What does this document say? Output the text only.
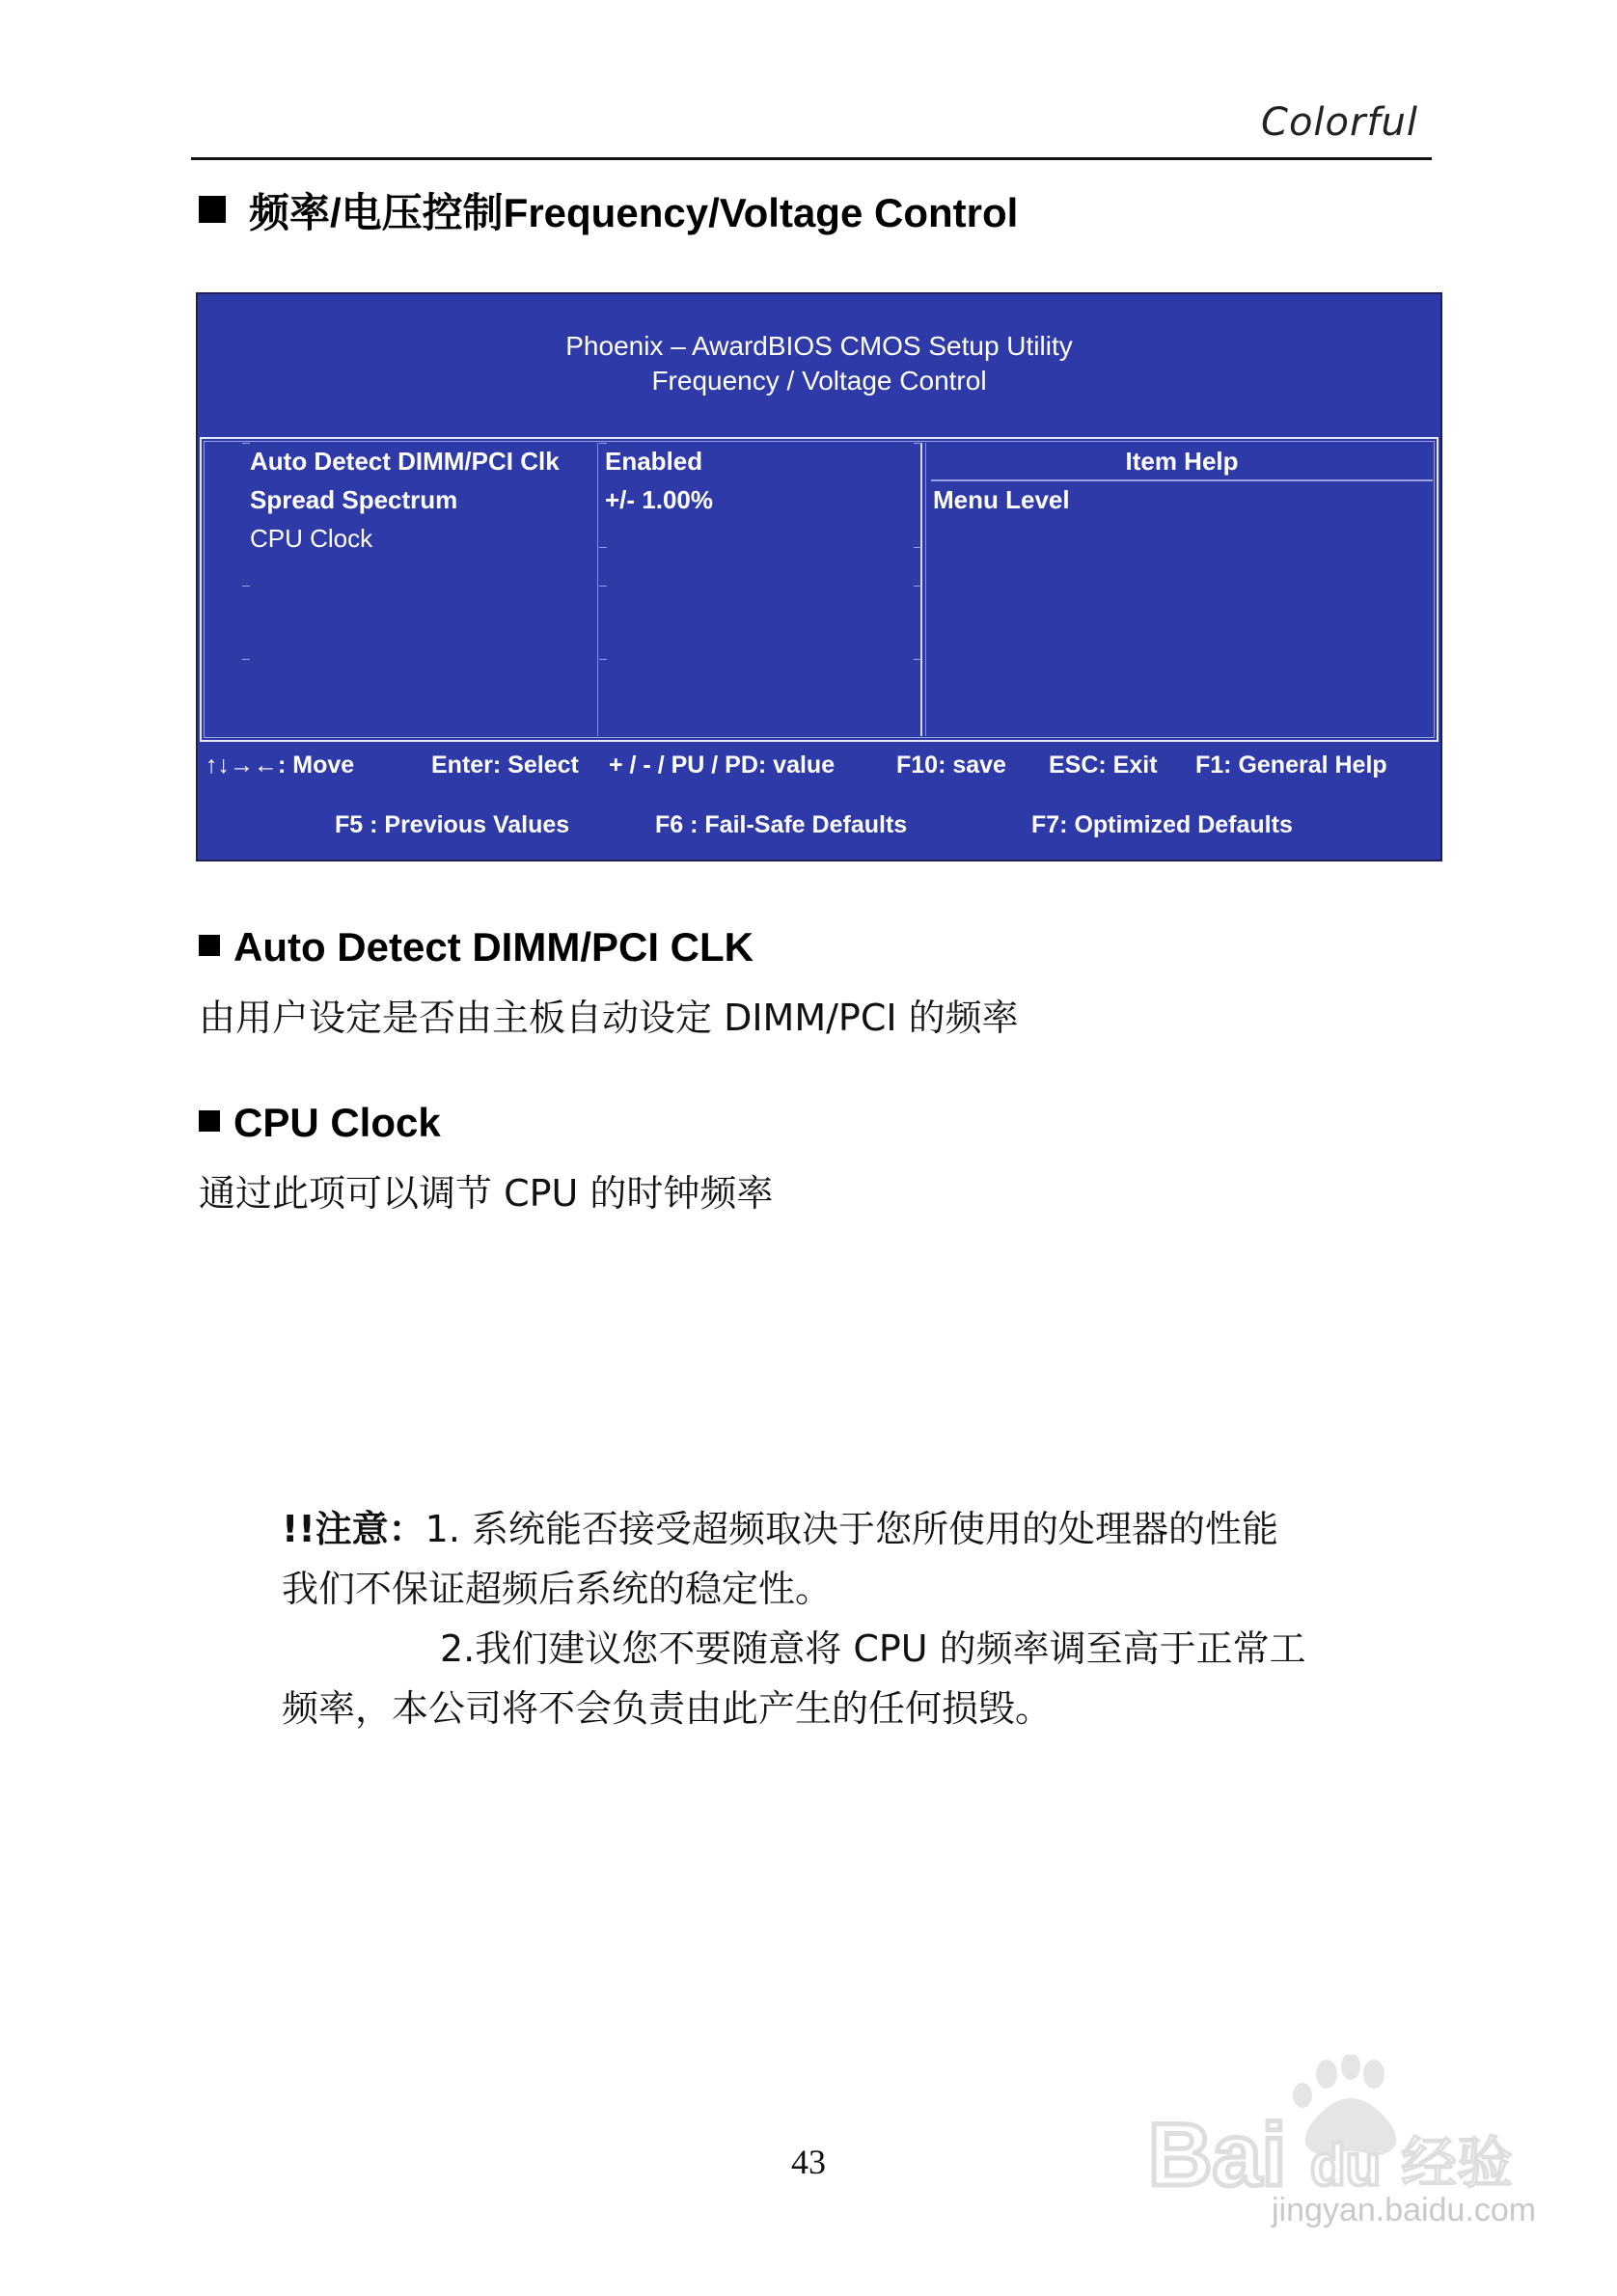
Colorful
频率/电压控制Frequency/Voltage Control
Phoenix – AwardBIOS CMOS Setup Utility
Frequency / Voltage Control
Auto Detect DIMM/PCI Clk Enabled
Spread Spectrum	+/- 1.00%
CPU Clock
Item Help
Menu Level
↑↓→←: Move	Enter: Select + / - / PU / PD: value	F10: save ESC: Exit F1: General Help
F5 : Previous Values	F6 : Fail-Safe Defaults	F7: Optimized Defaults
Auto Detect DIMM/PCI CLK
由用户设定是否由主板自动设定 DIMM/PCI 的频率
CPU Clock
通过此项可以调节 CPU 的时钟频率
!!注意：1. 系统能否接受超频取决于您所使用的处理器的性能
我们不保证超频后系统的稳定性。
2.我们建议您不要随意将 CPU 的频率调至高于正常工
频率，本公司将不会负责由此产生的任何损毁。
43	Bai du 经验
jingyan.baidu.com
